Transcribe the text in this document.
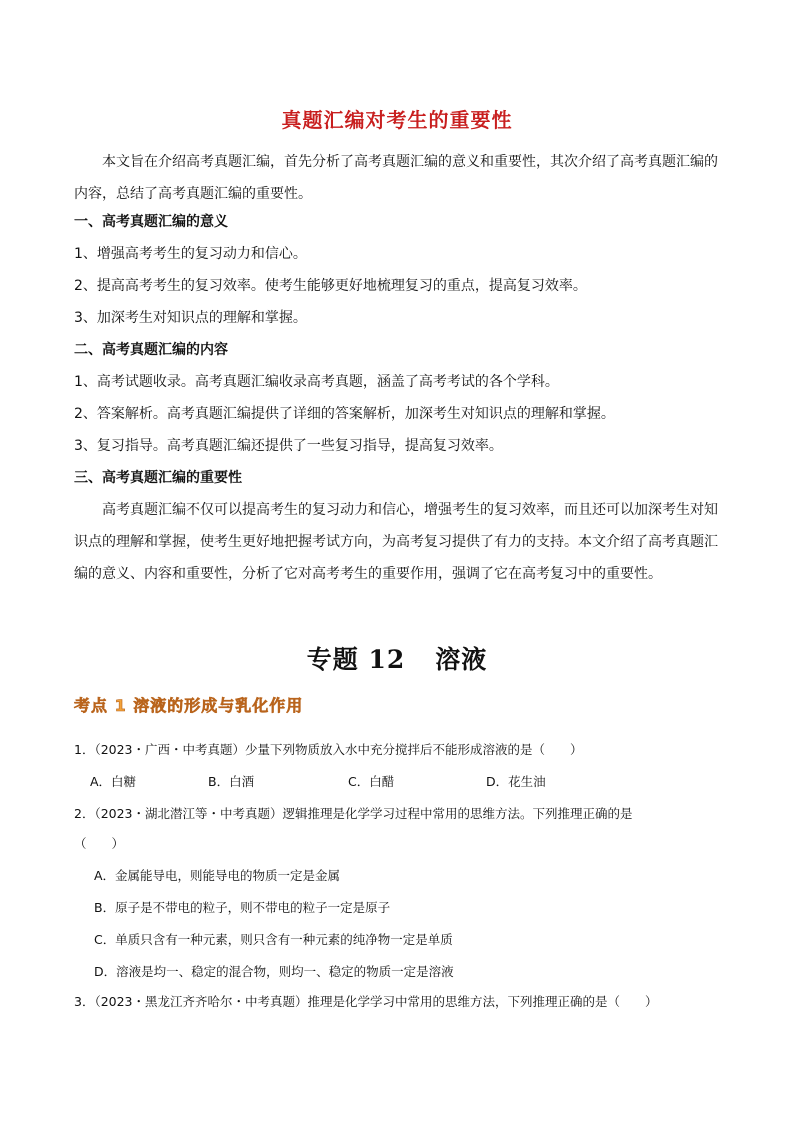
真题汇编对考生的重要性
本文旨在介绍高考真题汇编，首先分析了高考真题汇编的意义和重要性，其次介绍了高考真题汇编的内容，总结了高考真题汇编的重要性。
一、高考真题汇编的意义
1、增强高考考生的复习动力和信心。
2、提高高考考生的复习效率。使考生能够更好地梳理复习的重点，提高复习效率。
3、加深考生对知识点的理解和掌握。
二、高考真题汇编的内容
1、高考试题收录。高考真题汇编收录高考真题，涵盖了高考考试的各个学科。
2、答案解析。高考真题汇编提供了详细的答案解析，加深考生对知识点的理解和掌握。
3、复习指导。高考真题汇编还提供了一些复习指导，提高复习效率。
三、高考真题汇编的重要性
高考真题汇编不仅可以提高考生的复习动力和信心，增强考生的复习效率，而且还可以加深考生对知识点的理解和掌握，使考生更好地把握考试方向，为高考复习提供了有力的支持。本文介绍了高考真题汇编的意义、内容和重要性，分析了它对高考考生的重要作用，强调了它在高考复习中的重要性。
专题 12 溶液
考点 1 溶液的形成与乳化作用
1．（2023・广西・中考真题）少量下列物质放入水中充分搅拌后不能形成溶液的是（　　）
A．白糖	B．白酒	C．白醋	D．花生油
2．（2023・湖北潜江等・中考真题）逻辑推理是化学学习过程中常用的思维方法。下列推理正确的是
（　　）
A．金属能导电，则能导电的物质一定是金属
B．原子是不带电的粒子，则不带电的粒子一定是原子
C．单质只含有一种元素，则只含有一种元素的纯净物一定是单质
D．溶液是均一、稳定的混合物，则均一、稳定的物质一定是溶液
3．（2023・黑龙江齐齐哈尔・中考真题）推理是化学学习中常用的思维方法，下列推理正确的是（　　）
